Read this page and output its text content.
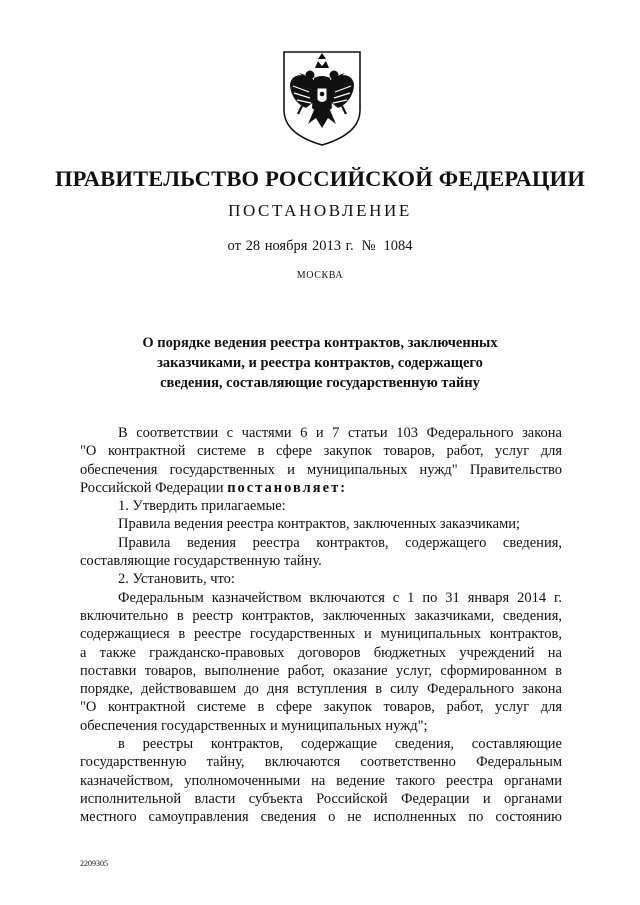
ПРАВИТЕЛЬСТВО РОССИЙСКОЙ ФЕДЕРАЦИИ
ПОСТАНОВЛЕНИЕ
от 28 ноября 2013 г. № 1084
МОСКВА
О порядке ведения реестра контрактов, заключенных
заказчиками, и реестра контрактов, содержащего
сведения, составляющие государственную тайну
В соответствии с частями 6 и 7 статьи 103 Федерального закона
"О контрактной системе в сфере закупок товаров, работ, услуг для
обеспечения государственных и муниципальных нужд" Правительство
Российской Федерации постановляет:
1. Утвердить прилагаемые:
Правила ведения реестра контрактов, заключенных заказчиками;
Правила ведения реестра контрактов, содержащего сведения,
составляющие государственную тайну.
2. Установить, что:
Федеральным казначейством включаются с 1 по 31 января 2014 г.
включительно в реестр контрактов, заключенных заказчиками, сведения,
содержащиеся в реестре государственных и муниципальных контрактов,
а также гражданско-правовых договоров бюджетных учреждений на
поставки товаров, выполнение работ, оказание услуг, сформированном в
порядке, действовавшем до дня вступления в силу Федерального закона
"О контрактной системе в сфере закупок товаров, работ, услуг для
обеспечения государственных и муниципальных нужд";
в реестры контрактов, содержащие сведения, составляющие
государственную тайну, включаются соответственно Федеральным
казначейством, уполномоченными на ведение такого реестра органами
исполнительной власти субъекта Российской Федерации и органами
местного самоуправления сведения о не исполненных по состоянию
2209305
